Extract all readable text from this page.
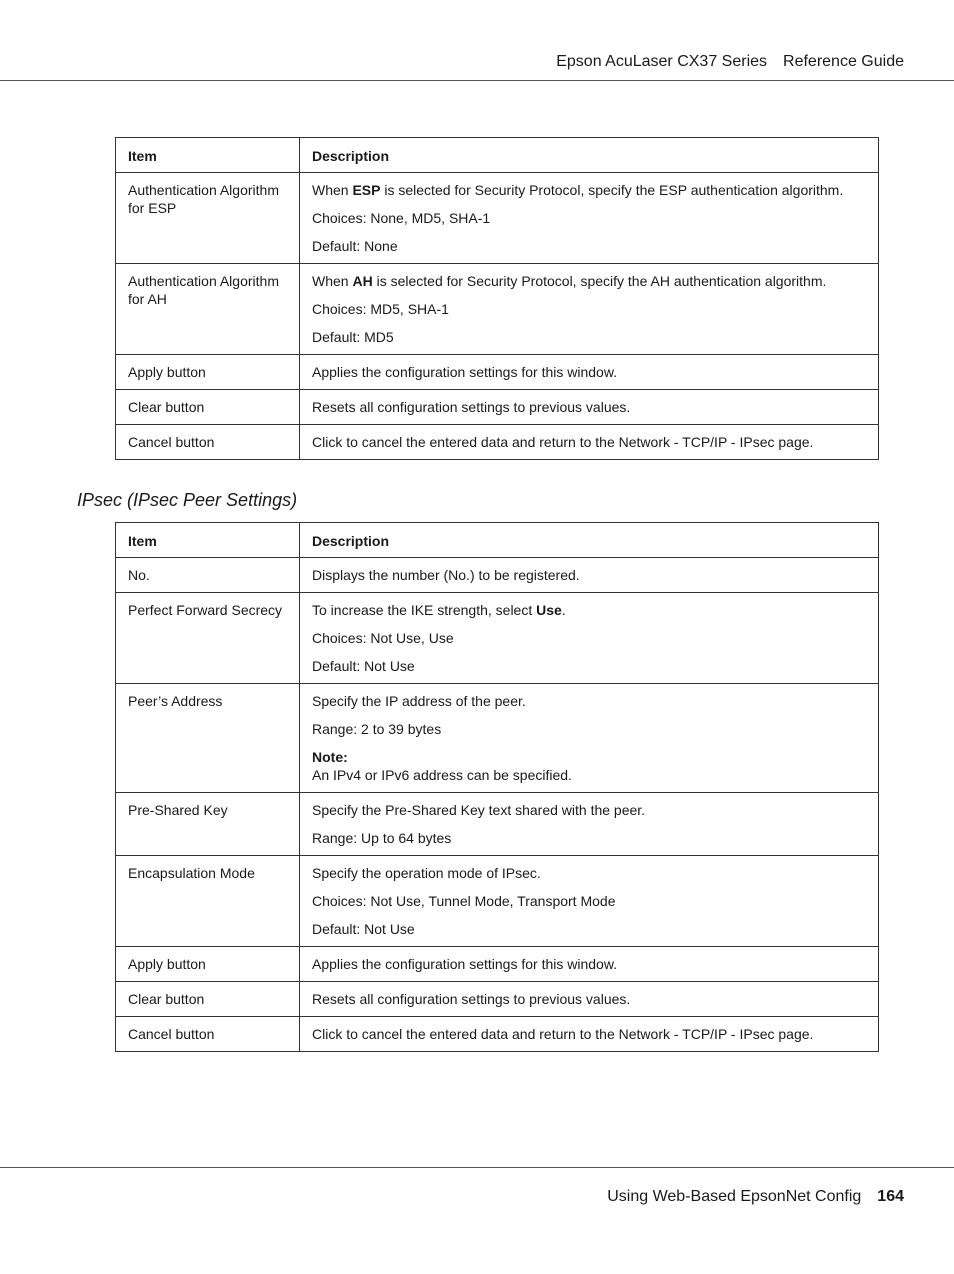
Epson AcuLaser CX37 Series Reference Guide
Item	Description
Authentication Algorithm for ESP	When ESP is selected for Security Protocol, specify the ESP authentication algorithm.
Choices: None, MD5, SHA-1
Default: None

Authentication Algorithm for AH	When AH is selected for Security Protocol, specify the AH authentication algorithm.
Choices: MD5, SHA-1
Default: MD5

Apply button	Applies the configuration settings for this window.

Clear button	Resets all configuration settings to previous values.

Cancel button	Click to cancel the entered data and return to the Network - TCP/IP - IPsec page.
IPsec (IPsec Peer Settings)
Item	Description
No.	Displays the number (No.) to be registered.

Perfect Forward Secrecy	To increase the IKE strength, select Use.
Choices: Not Use, Use
Default: Not Use

Peer’s Address	Specify the IP address of the peer.
Range: 2 to 39 bytes
Note:
An IPv4 or IPv6 address can be specified.

Pre-Shared Key	Specify the Pre-Shared Key text shared with the peer.
Range: Up to 64 bytes

Encapsulation Mode	Specify the operation mode of IPsec.
Choices: Not Use, Tunnel Mode, Transport Mode
Default: Not Use

Apply button	Applies the configuration settings for this window.

Clear button	Resets all configuration settings to previous values.

Cancel button	Click to cancel the entered data and return to the Network - TCP/IP - IPsec page.
Using Web-Based EpsonNet Config 164
